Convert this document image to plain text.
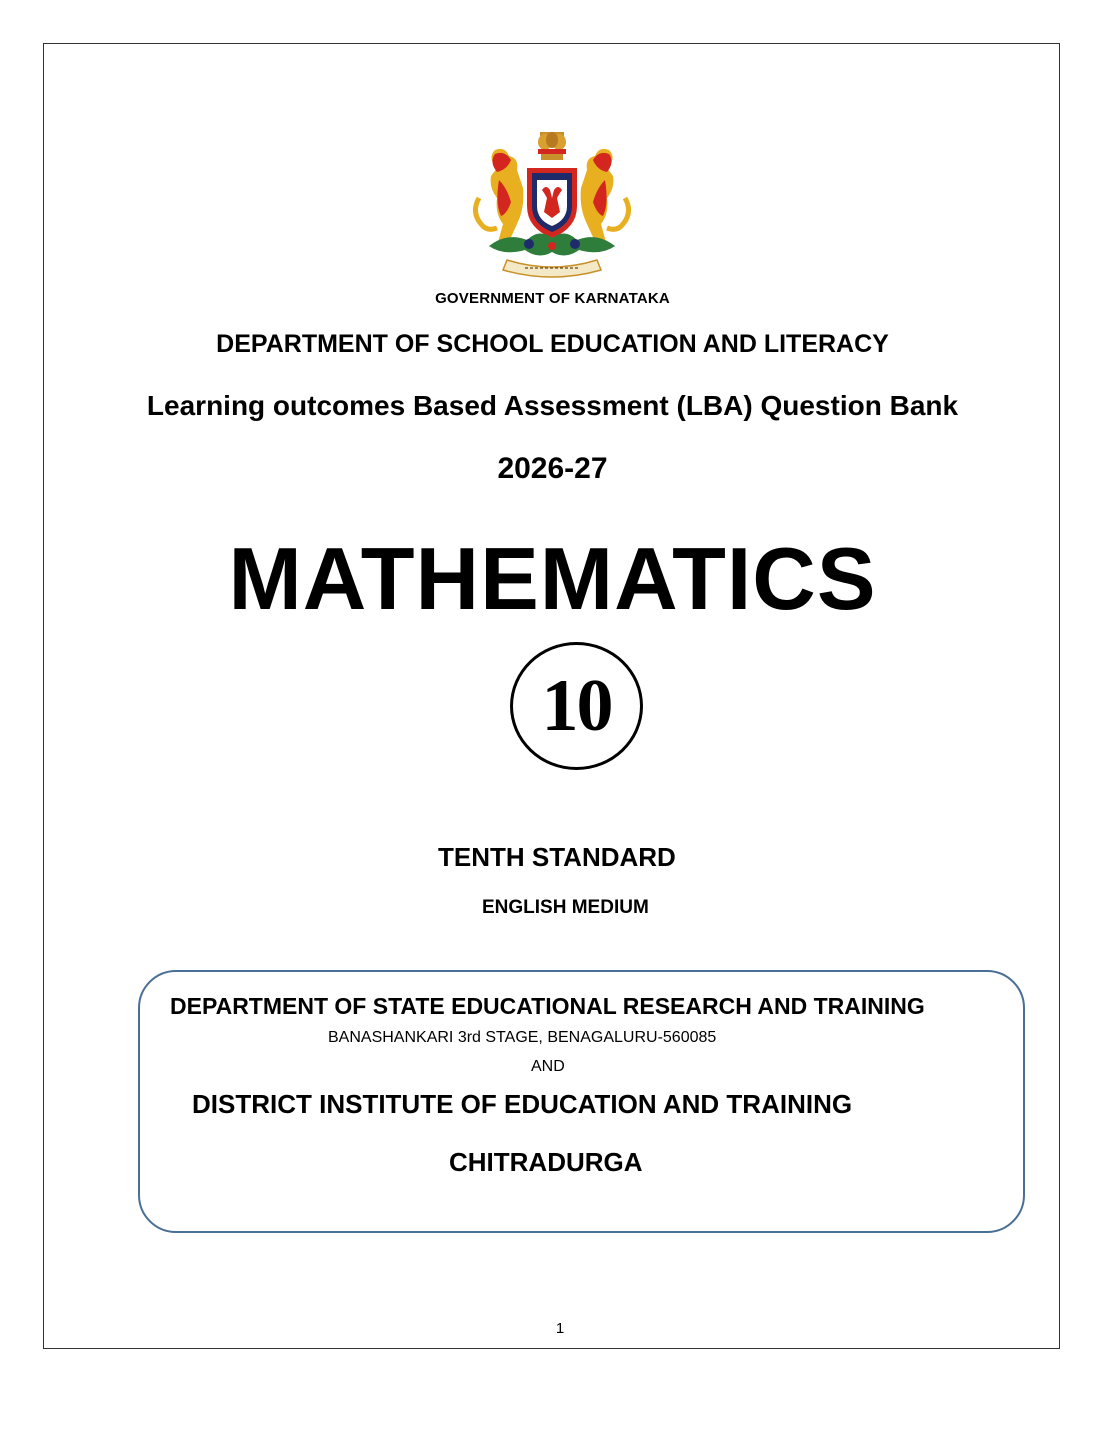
GOVERNMENT OF KARNATAKA
DEPARTMENT OF SCHOOL EDUCATION AND LITERACY
Learning outcomes Based Assessment (LBA) Question Bank
2026-27
MATHEMATICS
10
TENTH STANDARD
ENGLISH MEDIUM
DEPARTMENT OF STATE EDUCATIONAL RESEARCH AND TRAINING
BANASHANKARI 3rd STAGE, BENAGALURU-560085
AND
DISTRICT INSTITUTE OF EDUCATION AND TRAINING
CHITRADURGA
1
